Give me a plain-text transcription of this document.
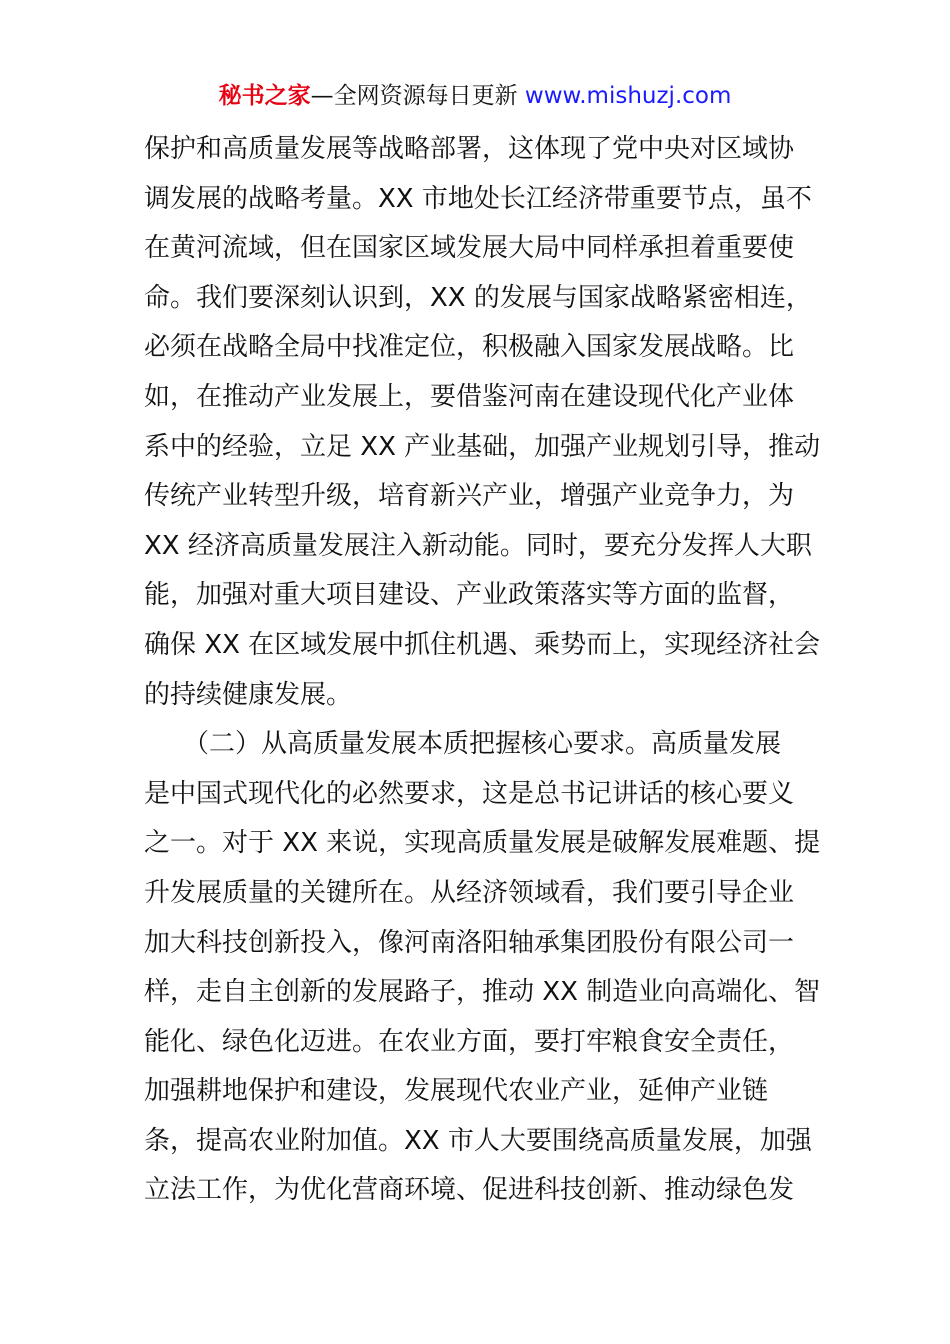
秘书之家—全网资源每日更新 www.mishuzj.com
保护和高质量发展等战略部署，这体现了党中央对区域协
调发展的战略考量。XX 市地处长江经济带重要节点，虽不
在黄河流域，但在国家区域发展大局中同样承担着重要使
命。我们要深刻认识到，XX 的发展与国家战略紧密相连，
必须在战略全局中找准定位，积极融入国家发展战略。比
如，在推动产业发展上，要借鉴河南在建设现代化产业体
系中的经验，立足 XX 产业基础，加强产业规划引导，推动
传统产业转型升级，培育新兴产业，增强产业竞争力，为
XX 经济高质量发展注入新动能。同时，要充分发挥人大职
能，加强对重大项目建设、产业政策落实等方面的监督，
确保 XX 在区域发展中抓住机遇、乘势而上，实现经济社会
的持续健康发展。
　　（二）从高质量发展本质把握核心要求。高质量发展
是中国式现代化的必然要求，这是总书记讲话的核心要义
之一。对于 XX 来说，实现高质量发展是破解发展难题、提
升发展质量的关键所在。从经济领域看，我们要引导企业
加大科技创新投入，像河南洛阳轴承集团股份有限公司一
样，走自主创新的发展路子，推动 XX 制造业向高端化、智
能化、绿色化迈进。在农业方面，要打牢粮食安全责任，
加强耕地保护和建设，发展现代农业产业，延伸产业链
条，提高农业附加值。XX 市人大要围绕高质量发展，加强
立法工作，为优化营商环境、促进科技创新、推动绿色发
